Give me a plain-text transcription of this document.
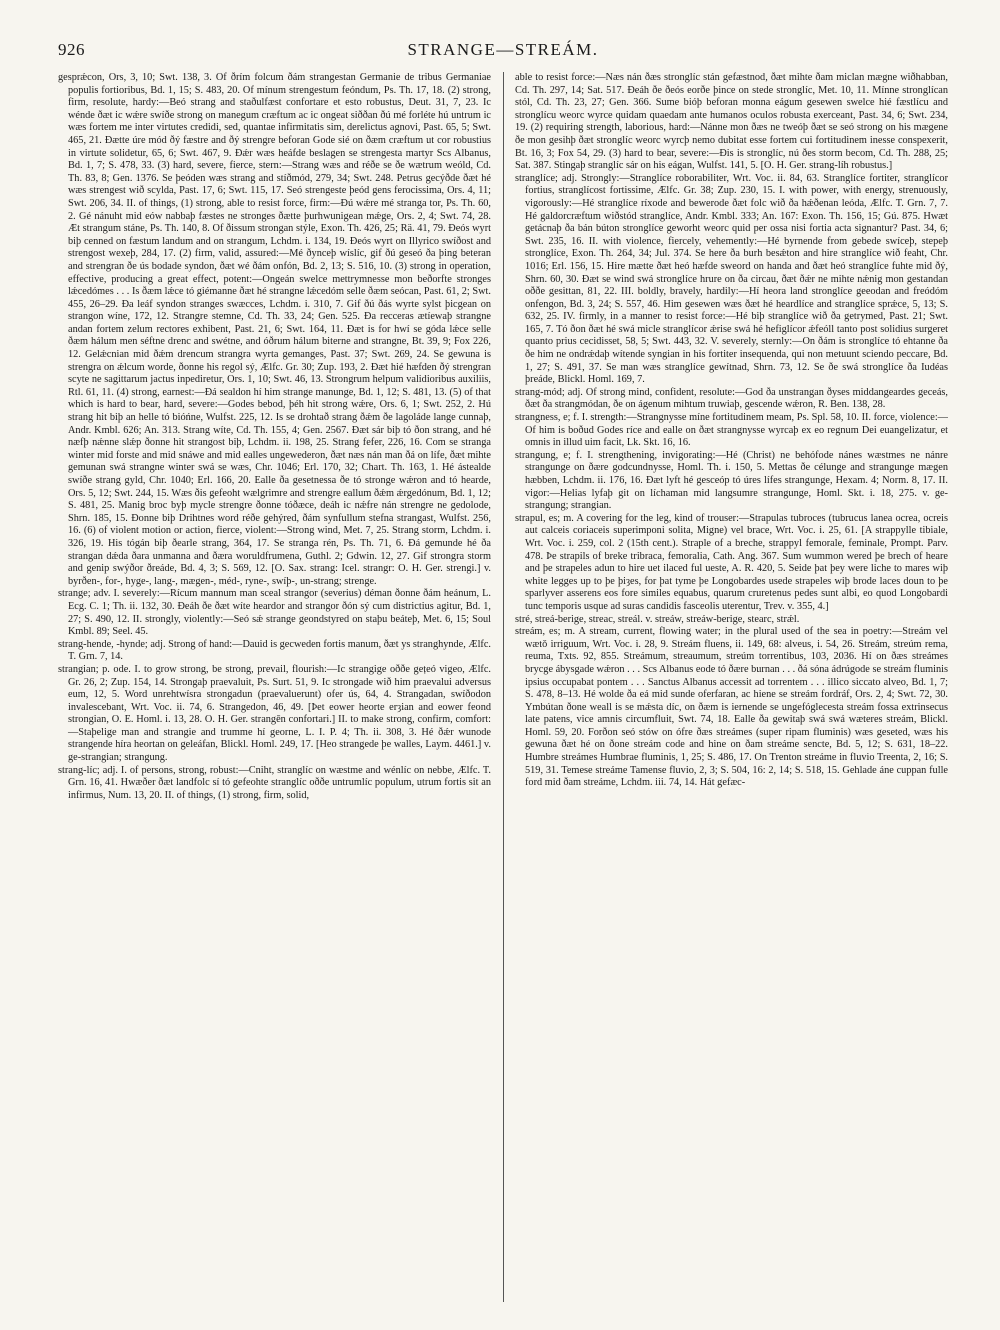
926	STRANGE—STREÁM.

gesprǽcon, Ors, 3, 10; Swt. 138, 3. Of ðrím folcum ðám strangestan Germanie de tribus Germaniae populis fortioribus, Bd. 1, 15; S. 483, 20. Of mínum strengestum feóndum, Ps. Th. 17, 18. (2) strong, firm, resolute, hardy:—Beó strang and staðulfæst confortare et esto robustus, Deut. 31, 7, 23. Ic wénde ðæt ic wǽre swíðe strong on manegum cræftum ac ic ongeat siððan ðú mé forléte hú untrum ic wæs fortem me inter virtutes credidi, sed, quantae infirmitatis sim, derelictus agnovi, Past. 65, 5; Swt. 465, 21. Ðætte úre mód ðý fæstre and ðý strengre beforan Gode sié on ðæm cræftum ut cor robustius in virtute solidetur, 65, 6; Swt. 467, 9. Ðǽr wæs heáfde beslagen se strengesta martyr Scs Albanus, Bd. 1, 7; S. 478, 33. (3) hard, severe, fierce, stern:—Strang wæs and réðe se ðe wætrum weóld, Cd. Th. 83, 8; Gen. 1376. Se þeóden wæs strang and stíðmód, 279, 34; Swt. 248. Petrus gecýðde ðæt hé wæs strengest wið scylda, Past. 17, 6; Swt. 115, 17. Seó strengeste þeód gens ferocissima, Ors. 4, 11; Swt. 206, 34. II. of things, (1) strong, able to resist force, firm:—Ðú wǽre mé stranga tor, Ps. Th. 60, 2. Gé nánuht mid eów nabbaþ fæstes ne stronges ðætte þurhwunigean mǽge, Ors. 2, 4; Swt. 74, 28. Æt strangum stáne, Ps. Th. 140, 8. Of ðissum strongan stýle, Exon. Th. 426, 25; Rä. 41, 79. Ðeós wyrt biþ cenned on fæstum landum and on strangum, Lchdm. i. 134, 19. Ðeós wyrt on Illyrico swíðost and strengost wexeþ, 284, 17. (2) firm, valid, assured:—Mé ðynceþ wíslíc, gif ðú geseó ða þing beteran and strengran ðe ús bodade syndon, ðæt wé ðám onfón, Bd. 2, 13; S. 516, 10. (3) strong in operation, effective, producing a great effect, potent:—Ongeán swelce mettrymnesse mon beðorfte stronges lǽcedómes . . . Is ðæm lǽce tó giémanne ðæt hé strangne lǽcedóm selle ðæm seócan, Past. 61, 2; Swt. 455, 26–29. Ða leáf syndon stranges swæcces, Lchdm. i. 310, 7. Gif ðú ðás wyrte sylst þicgean on strangon wíne, 172, 12. Strangre stemne, Cd. Th. 33, 24; Gen. 525. Ða recceras ætíewaþ strangne andan fortem zelum rectores exhibent, Past. 21, 6; Swt. 164, 11. Ðæt is for hwí se góda lǽce selle ðæm hálum men séftne drenc and swétne, and óðrum hálum biterne and strangne, Bt. 39, 9; Fox 226, 12. Gelǽcnian mid ðǽm drencum strangra wyrta gemanges, Past. 37; Swt. 269, 24. Se gewuna is strengra on ǽlcum worde, ðonne his regol sý, Ælfc. Gr. 30; Zup. 193, 2. Ðæt hié hæfden ðý strengran scyte ne sagittarum jactus inpediretur, Ors. 1, 10; Swt. 46, 13. Strongrum helpum validioribus auxiliis, Rtl. 61, 11. (4) strong, earnest:—Ðá sealdon hí him strange manunge, Bd. 1, 12; S. 481, 13. (5) of that which is hard to bear, hard, severe:—Godes bebod, þéh hit strong wǽre, Ors. 6, 1; Swt. 252, 2. Hú strang hit biþ an helle tó bióńne, Wulfst. 225, 12. Is se drohtað strang ðǽm ðe lagoláde lange cunnaþ, Andr. Kmbl. 626; An. 313. Strang wíte, Cd. Th. 155, 4; Gen. 2567. Ðæt sár biþ tó ðon strang, and hé næfþ nǽnne slǽp ðonne hit strangost biþ, Lchdm. ii. 198, 25. Strang fefer, 226, 16. Com se stranga winter mid forste and mid snáwe and mid ealles ungewederon, ðæt næs nán man ðá on lífe, ðæt mihte gemunan swá strangne winter swá se wæs, Chr. 1046; Erl. 170, 32; Chart. Th. 163, 1. Hé ástealde swíðe strang gyld, Chr. 1040; Erl. 166, 20. Ealle ða gesetnessa ðe tó stronge wǽron and tó hearde, Ors. 5, 12; Swt. 244, 15. Wæs ðis gefeoht wælgrimre and strengre eallum ðǽm ǽrgedónum, Bd. 1, 12; S. 481, 25. Manig broc byþ mycle strengre ðonne tóðæce, deáh ic nǽfre nán strengre ne gedolode, Shrn. 185, 15. Ðonne biþ Drihtnes word réðe gehýred, ðám synfullum stefna strangast, Wulfst. 256, 16. (6) of violent motion or action, fierce, violent:—Strong wind, Met. 7, 25. Strang storm, Lchdm. i. 326, 19. His tógán biþ ðearle strang, 364, 17. Se stranga rén, Ps. Th. 71, 6. Ðá gemunde hé ða strangan dǽda ðara unmanna and ðæra woruldfrumena, Guthl. 2; Gdwin. 12, 27. Gif strongra storm and genip swýðor ðreáde, Bd. 4, 3; S. 569, 12. [O. Sax. strang: Icel. strangr: O. H. Ger. strengi.] v. byrðen-, for-, hyge-, lang-, mægen-, méd-, ryne-, swíþ-, un-strang; strenge.

strange; adv. I. severely:—Rícum mannum man sceal strangor (severius) déman ðonne ðám heánum, L. Ecg. C. 1; Th. ii. 132, 30. Ðeáh ðe ðæt wíte heardor and strangor ðón sý cum districtius agitur, Bd. 1, 27; S. 490, 12. II. strongly, violently:—Seó sǽ strange geondstyred on staþu beáteþ, Met. 6, 15; Soul Kmbl. 89; Seel. 45.

strang-hende, -hynde; adj. Strong of hand:—Dauid is gecweden fortis manum, ðæt ys stranghynde, Ælfc. T. Grn. 7, 14.

strangian; p. ode. I. to grow strong, be strong, prevail, flourish:—Ic strangige oððe gețeó vigeo, Ælfc. Gr. 26, 2; Zup. 154, 14. Strongaþ praevaluit, Ps. Surt. 51, 9. Ic strongade wið him praevalui adversus eum, 12, 5. Word unrehtwísra strongadun (praevaluerunt) ofer ús, 64, 4. Strangadan, swíðodon invalescebant, Wrt. Voc. ii. 74, 6. Strangedon, 46, 49. [Þet eower heorte erȝian and eower feond strongian, O. E. Homl. i. 13, 28. O. H. Ger. strangēn confortari.] II. to make strong, confirm, comfort:—Staþelige man and strangie and trumme hí georne, L. I. P. 4; Th. ii. 308, 3. Hé ðǽr wunode strangende híra heortan on geleáfan, Blickl. Homl. 249, 17. [Heo strangede þe walles, Laym. 4461.] v. ge-strangian; strangung.

strang-líc; adj. I. of persons, strong, robust:—Cniht, stranglíc on wæstme and wénlíc on nebbe, Ælfc. T. Grn. 16, 41. Hwæðer ðæt landfolc sí tó gefeohte stranglíc oððe untrumlíc populum, utrum fortis sit an infirmus, Num. 13, 20. II. of things, (1) strong, firm, solid,

able to resist force:—Næs nán ðæs stronglíc stán gefæstnod, ðæt mihte ðam miclan mægne wiðhabban, Cd. Th. 297, 14; Sat. 517. Ðeáh ðe ðeós eorðe þince on stede stronglíc, Met. 10, 11. Mínne stronglícan stól, Cd. Th. 23, 27; Gen. 366. Sume bióþ beforan monna eágum gesewen swelce hié fæstlícu and stronglícu weorc wyrce quidam quaedam ante humanos oculos robusta exerceant, Past. 34, 6; Swt. 234, 19. (2) requiring strength, laborious, hard:—Nánne mon ðæs ne tweóþ ðæt se seó strong on his mægene ðe mon gesihþ ðæt stronglíc weorc wyrcþ nemo dubitat esse fortem cui fortitudinem inesse conspexerit, Bt. 16, 3; Fox 54, 29. (3) hard to bear, severe:—Ðis is stronglíc, nú ðes storm becom, Cd. Th. 288, 25; Sat. 387. Stingaþ stranglíc sár on his eágan, Wulfst. 141, 5. [O. H. Ger. strang-líh robustus.]

stranglíce; adj. Strongly:—Stranglíce roborabiliter, Wrt. Voc. ii. 84, 63. Stranglíce fortiter, stranglícor fortius, stranglícost fortissime, Ælfc. Gr. 38; Zup. 230, 15. I. with power, with energy, strenuously, vigorously:—Hé stranglíce ríxode and bewerode ðæt folc wið ða hǽðenan leóda, Ælfc. T. Grn. 7, 7. Hé galdorcræftum wiðstód stranglíce, Andr. Kmbl. 333; An. 167: Exon. Th. 156, 15; Gú. 875. Hwæt getácnaþ ða bán búton stronglíce geworht weorc quid per ossa nisi fortia acta signantur? Past. 34, 6; Swt. 235, 16. II. with violence, fiercely, vehemently:—Hé byrnende from gebede swíceþ, stepeþ stronglíce, Exon. Th. 264, 34; Jul. 374. Se here ða burh besǽton and hire stranglíce wið feaht, Chr. 1016; Erl. 156, 15. Hire mætte ðæt heó hæfde sweord on handa and ðæt heó stranglíce fuhte mid ðý, Shrn. 60, 30. Ðæt se wind swá stronglíce hrure on ða circau, ðæt ðǽr ne mihte nǽnig mon gestandan oððe gesittan, 81, 22. III. boldly, bravely, hardily:—Hí heora land stronglíce geeodan and freódóm onfengon, Bd. 3, 24; S. 557, 46. Him gesewen wæs ðæt hé heardlíce and stranglíce sprǽce, 5, 13; S. 632, 25. IV. firmly, in a manner to resist force:—Hé biþ stranglíce wið ða getrymed, Past. 21; Swt. 165, 7. Tó ðon ðæt hé swá micle stranglícor ǽrise swá hé hefiglícor ǽfeóll tanto post solidius surgeret quanto prius cecidisset, 58, 5; Swt. 443, 32. V. severely, sternly:—On ðám is stronglíce tó ehtanne ða ðe him ne ondrǽdaþ wítende syngian in his fortiter insequenda, qui non metuunt sciendo peccare, Bd. 1, 27; S. 491, 37. Se man wæs stranglíce gewítnad, Shrn. 73, 12. Se ðe swá stronglíce ða Iudéas þreáde, Blickl. Homl. 169, 7.

strang-mód; adj. Of strong mind, confident, resolute:—God ða unstrangan ðyses middangeardes geceás, ðæt ða strangmódan, ðe on ágenum mihtum truwiaþ, gescende wǽron, R. Ben. 138, 28.

strangness, e; f. I. strength:—Strangnysse míne fortitudinem meam, Ps. Spl. 58, 10. II. force, violence:—Of him is boðud Godes ríce and ealle on ðæt strangnysse wyrcaþ ex eo regnum Dei euangelizatur, et omnis in illud uim facit, Lk. Skt. 16, 16.

strangung, e; f. I. strengthening, invigorating:—Hé (Christ) ne behófode nánes wæstmes ne nánre strangunge on ðære godcundnysse, Homl. Th. i. 150, 5. Mettas ðe célunge and strangunge mægen hæbben, Lchdm. ii. 176, 16. Ðæt lyft hé gesceóp tó úres lífes strangunge, Hexam. 4; Norm. 8, 17. II. vigor:—Helias lyfaþ git on líchaman mid langsumre strangunge, Homl. Skt. i. 18, 275. v. ge-strangung; strangian.

strapul, es; m. A covering for the leg, kind of trouser:—Strapulas tubroces (tubrucus lanea ocrea, ocreis aut calceis coriaceis superimponi solita, Migne) vel brace, Wrt. Voc. i. 25, 61. [A strappylle tibiale, Wrt. Voc. i. 259, col. 2 (15th cent.). Straple of a breche, strappyl femorale, feminale, Prompt. Parv. 478. Þe strapils of breke tribraca, femoralia, Cath. Ang. 367. Sum wummon wered þe brech of heare and þe strapeles adun to hire uet ilaced ful ueste, A. R. 420, 5. Seide þat þey were liche to mares wiþ white legges up to þe þiȝes, for þat tyme þe Longobardes usede strapeles wiþ brode laces doun to þe sparlyver asserens eos fore similes equabus, quarum cruretenus pedes sunt albi, eo quod Longobardi tunc temporis usque ad suras candidis fasceolis uterentur, Trev. v. 355, 4.]

stré, streá-berige, streac, streál. v. streáw, streáw-berige, stearc, strǽl.

streám, es; m. A stream, current, flowing water; in the plural used of the sea in poetry:—Streám vel wætǒ irriguum, Wrt. Voc. i. 28, 9. Streám fluens, ii. 149, 68: alveus, i. 54, 26. Streám, streúm rema, reuma, Txts. 92, 855. Streámum, streaumum, streúm torrentibus, 103, 2036. Hí on ðæs streámes brycge ábysgade wǽron . . . Scs Albanus eode tó ðære burnan . . . ðá sóna ádrúgode se streám fluminis ipsius occupabat pontem . . . Sanctus Albanus accessit ad torrentem . . . illico siccato alveo, Bd. 1, 7; S. 478, 8–13. Hé wolde ða eá mid sunde oferfaran, ac hiene se streám fordráf, Ors. 2, 4; Swt. 72, 30. Ymbútan ðone weall is se mǽsta díc, on ðæm is iernende se ungefóglecesta streám fossa extrinsecus late patens, vice amnis circumfluit, Swt. 74, 18. Ealle ða gewitaþ swá swá wæteres streám, Blickl. Homl. 59, 20. Forðon seó stów on ófre ðæs streámes (super ripam fluminis) wæs geseted, wæs his gewuna ðæt hé on ðone streám code and hine on ðam streáme sencte, Bd. 5, 12; S. 631, 18–22. Humbre streámes Humbrae fluminis, 1, 25; S. 486, 17. On Trenton streáme in fluvio Treenta, 2, 16; S. 519, 31. Temese streáme Tamense fluvio, 2, 3; S. 504, 16: 2, 14; S. 518, 15. Gehlade áne cuppan fulle ford mid ðam streáme, Lchdm. iii. 74, 14. Hát gefæc-
